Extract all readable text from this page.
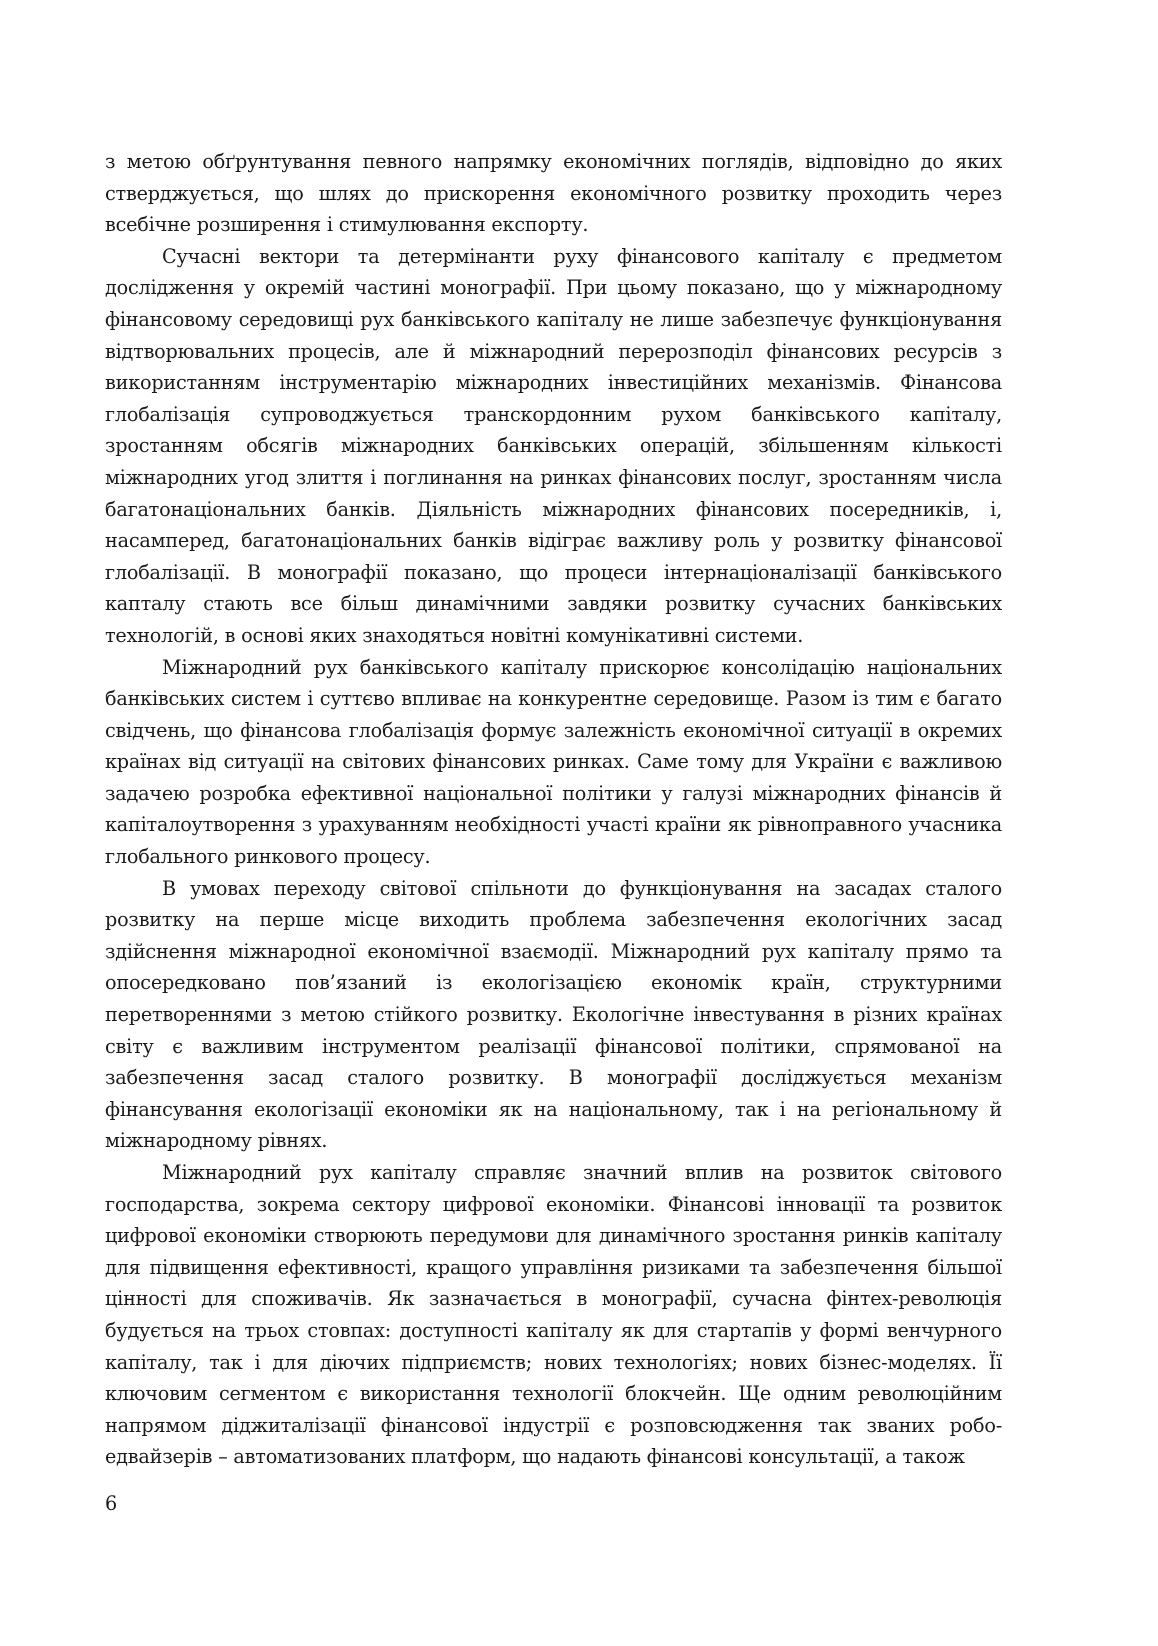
з метою обґрунтування певного напрямку економічних поглядів, відповідно до яких стверджується, що шлях до прискорення економічного розвитку проходить через всебічне розширення і стимулювання експорту.

Сучасні вектори та детермінанти руху фінансового капіталу є предметом дослідження у окремій частині монографії. При цьому показано, що у міжнародному фінансовому середовищі рух банківського капіталу не лише забезпечує функціонування відтворювальних процесів, але й міжнародний перерозподіл фінансових ресурсів з використанням інструментарію міжнародних інвестиційних механізмів. Фінансова глобалізація супроводжується транскордонним рухом банківського капіталу, зростанням обсягів міжнародних банківських операцій, збільшенням кількості міжнародних угод злиття і поглинання на ринках фінансових послуг, зростанням числа багатонаціональних банків. Діяльність міжнародних фінансових посередників, і, насамперед, багатонаціональних банків відіграє важливу роль у розвитку фінансової глобалізації. В монографії показано, що процеси інтернаціоналізації банківського капталу стають все більш динамічними завдяки розвитку сучасних банківських технологій, в основі яких знаходяться новітні комунікативні системи.

Міжнародний рух банківського капіталу прискорює консолідацію національних банківських систем і суттєво впливає на конкурентне середовище. Разом із тим є багато свідчень, що фінансова глобалізація формує залежність економічної ситуації в окремих країнах від ситуації на світових фінансових ринках. Саме тому для України є важливою задачею розробка ефективної національної політики у галузі міжнародних фінансів й капіталоутворення з урахуванням необхідності участі країни як рівноправного учасника глобального ринкового процесу.

В умовах переходу світової спільноти до функціонування на засадах сталого розвитку на перше місце виходить проблема забезпечення екологічних засад здійснення міжнародної економічної взаємодії. Міжнародний рух капіталу прямо та опосередковано пов’язаний із екологізацією економік країн, структурними перетвореннями з метою стійкого розвитку. Екологічне інвестування в різних країнах світу є важливим інструментом реалізації фінансової політики, спрямованої на забезпечення засад сталого розвитку. В монографії досліджується механізм фінансування екологізації економіки як на національному, так і на регіональному й міжнародному рівнях.

Міжнародний рух капіталу справляє значний вплив на розвиток світового господарства, зокрема сектору цифрової економіки. Фінансові інновації та розвиток цифрової економіки створюють передумови для динамічного зростання ринків капіталу для підвищення ефективності, кращого управління ризиками та забезпечення більшої цінності для споживачів. Як зазначається в монографії, сучасна фінтех-революція будується на трьох стовпах: доступності капіталу як для стартапів у формі венчурного капіталу, так і для діючих підприємств; нових технологіях; нових бізнес-моделях. Її ключовим сегментом є використання технології блокчейн. Ще одним революційним напрямом діджиталізації фінансової індустрії є розповсюдження так званих робо-едвайзерів – автоматизованих платформ, що надають фінансові консультації, а також

6
